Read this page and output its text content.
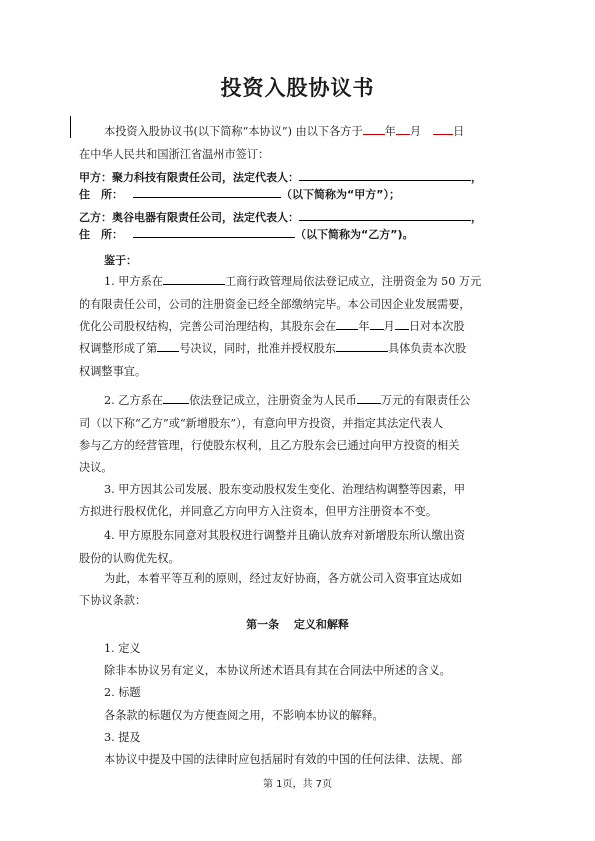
投资入股协议书
本投资入股协议书(以下简称“本协议”) 由以下各方于 年 月	日
在中华人民共和国浙江省温州市签订：
甲方：聚力科技有限责任公司，法定代表人：	，
住　所：	（以下简称为“甲方”）；
乙方：奥谷电器有限责任公司，法定代表人：	，
住　所：	（以下简称为“乙方”)。
鉴于：
1. 甲方系在	工商行政管理局依法登记成立，注册资金为 50 万元
的有限责任公司，公司的注册资金已经全部缴纳完毕。本公司因企业发展需要，
优化公司股权结构，完善公司治理结构，其股东会在 年 月 日对本次股
权调整形成了第 号决议，同时，批准并授权股东	具体负责本次股
权调整事宜。
2. 乙方系在 依法登记成立，注册资金为人民币 万元的有限责任公
司（以下称“乙方”或“新增股东”），有意向甲方投资，并指定其法定代表人
参与乙方的经营管理，行使股东权利，且乙方股东会已通过向甲方投资的相关
决议。
3. 甲方因其公司发展、股东变动股权发生变化、治理结构调整等因素，甲
方拟进行股权优化，并同意乙方向甲方入注资本，但甲方注册资本不变。
4. 甲方原股东同意对其股权进行调整并且确认放弃对新增股东所认缴出资
股份的认购优先权。
为此，本着平等互利的原则，经过友好协商，各方就公司入资事宜达成如
下协议条款：
第一条　 定义和解释
1. 定义
除非本协议另有定义，本协议所述术语具有其在合同法中所述的含义。
2. 标题
各条款的标题仅为方便查阅之用，不影响本协议的解释。
3. 提及
本协议中提及中国的法律时应包括届时有效的中国的任何法律、法规、部
第 1页，共 7页
